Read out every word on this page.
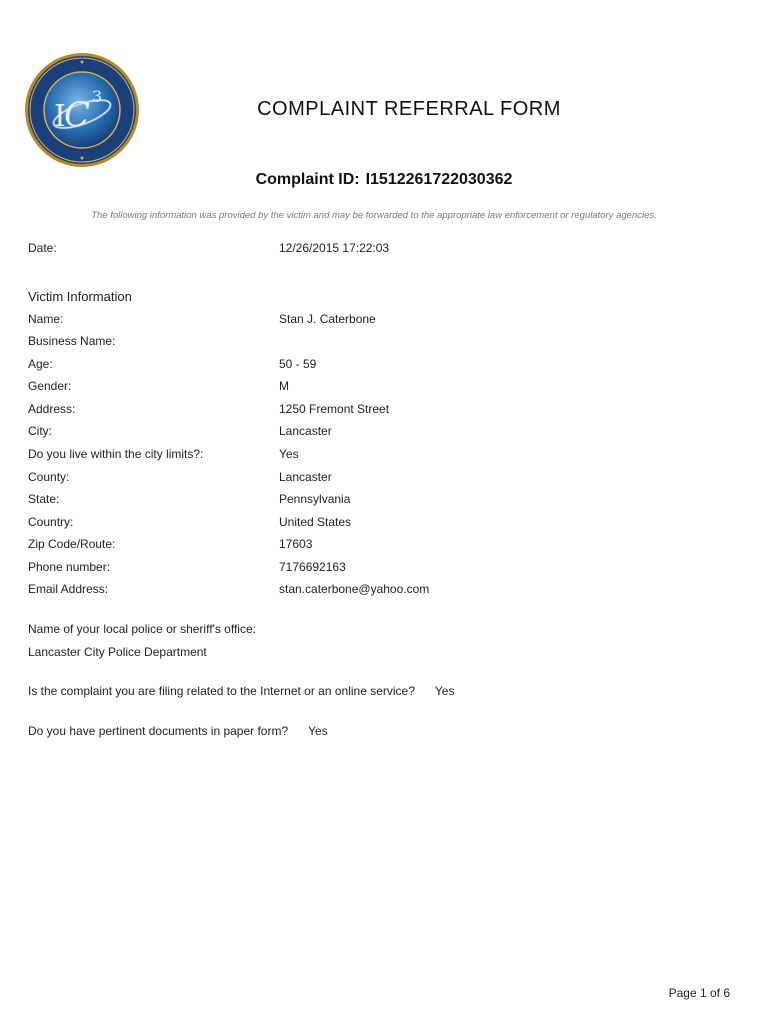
C 3
I	COMPLAINT REFERRAL FORM
Complaint ID: I1512261722030362
The following information was provided by the victim and may be forwarded to the appropriate law enforcement or regulatory agencies.
Date:	12/26/2015 17:22:03
Victim Information
Name:	Stan J. Caterbone
Business Name:
Age:	50 - 59
Gender:	M
Address:	1250 Fremont Street
City:	Lancaster
Do you live within the city limits?:	Yes
County:	Lancaster
State:	Pennsylvania
Country:	United States
Zip Code/Route:	17603
Phone number:	7176692163
Email Address:	stan.caterbone@yahoo.com
Name of your local police or sheriff's office:
Lancaster City Police Department
Is the complaint you are filing related to the Internet or an online service? Yes
Do you have pertinent documents in paper form? Yes
Page 1 of 6
